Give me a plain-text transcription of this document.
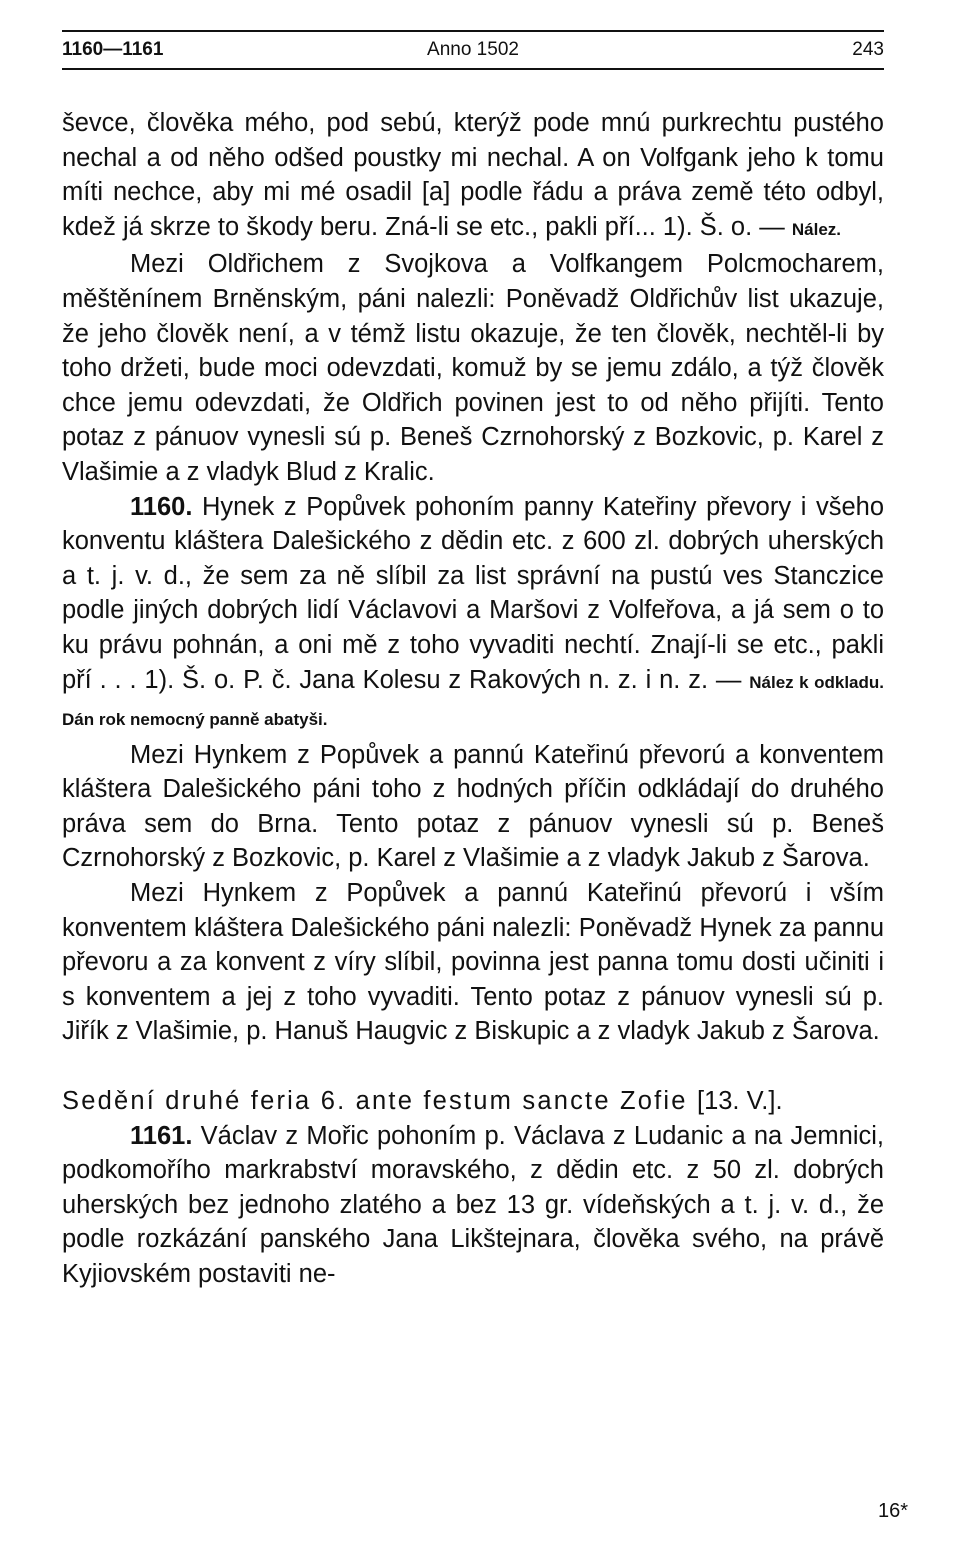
1160—1161	Anno 1502	243

ševce, člověka mého, pod sebú, kterýž pode mnú purkrechtu pustého nechal a od něho odšed poustky mi nechal. A on Volfgank jeho k tomu míti nechce, aby mi mé osadil [a] podle řádu a práva země této odbyl, kdež já skrze to škody beru. Zná-li se etc., pakli pří... 1). Š. o. — Nález.

Mezi Oldřichem z Svojkova a Volfkangem Polcmocharem, měštěnínem Brněnským, páni nalezli: Poněvadž Oldřichův list ukazuje, že jeho člověk není, a v témž listu okazuje, že ten člověk, nechtěl-li by toho držeti, bude moci odevzdati, komuž by se jemu zdálo, a týž člověk chce jemu odevzdati, že Oldřich povinen jest to od něho přijíti. Tento potaz z pánuov vynesli sú p. Beneš Czrnohorský z Bozkovic, p. Karel z Vlašimie a z vladyk Blud z Kralic.

1160. Hynek z Popůvek pohoním panny Kateřiny převory i všeho konventu kláštera Dalešického z dědin etc. z 600 zl. dobrých uherských a t. j. v. d., že sem za ně slíbil za list správní na pustú ves Stanczice podle jiných dobrých lidí Václavovi a Maršovi z Volfeřova, a já sem o to ku právu pohnán, a oni mě z toho vyvaditi nechtí. Znají-li se etc., pakli pří . . . 1). Š. o. P. č. Jana Kolesu z Rakových n. z. i n. z. — Nález k odkladu. Dán rok nemocný panně abatyši.

Mezi Hynkem z Popůvek a pannú Kateřinú převorú a konventem kláštera Dalešického páni toho z hodných příčin odkládají do druhého práva sem do Brna. Tento potaz z pánuov vynesli sú p. Beneš Czrnohorský z Bozkovic, p. Karel z Vlašimie a z vladyk Jakub z Šarova.

Mezi Hynkem z Popůvek a pannú Kateřinú převorú i vším konventem kláštera Dalešického páni nalezli: Poněvadž Hynek za pannu převoru a za konvent z víry slíbil, povinna jest panna tomu dosti učiniti i s konventem a jej z toho vyvaditi. Tento potaz z pánuov vynesli sú p. Jiřík z Vlašimie, p. Hanuš Haugvic z Biskupic a z vladyk Jakub z Šarova.

Sedění druhé feria 6. ante festum sancte Zofie [13. V.].

1161. Václav z Mořic pohoním p. Václava z Ludanic a na Jemnici, podkomořího markrabství moravského, z dědin etc. z 50 zl. dobrých uherských bez jednoho zlatého a bez 13 gr. vídeňských a t. j. v. d., že podle rozkázání panského Jana Likštejnara, člověka svého, na právě Kyjiovském postaviti ne-

16*
